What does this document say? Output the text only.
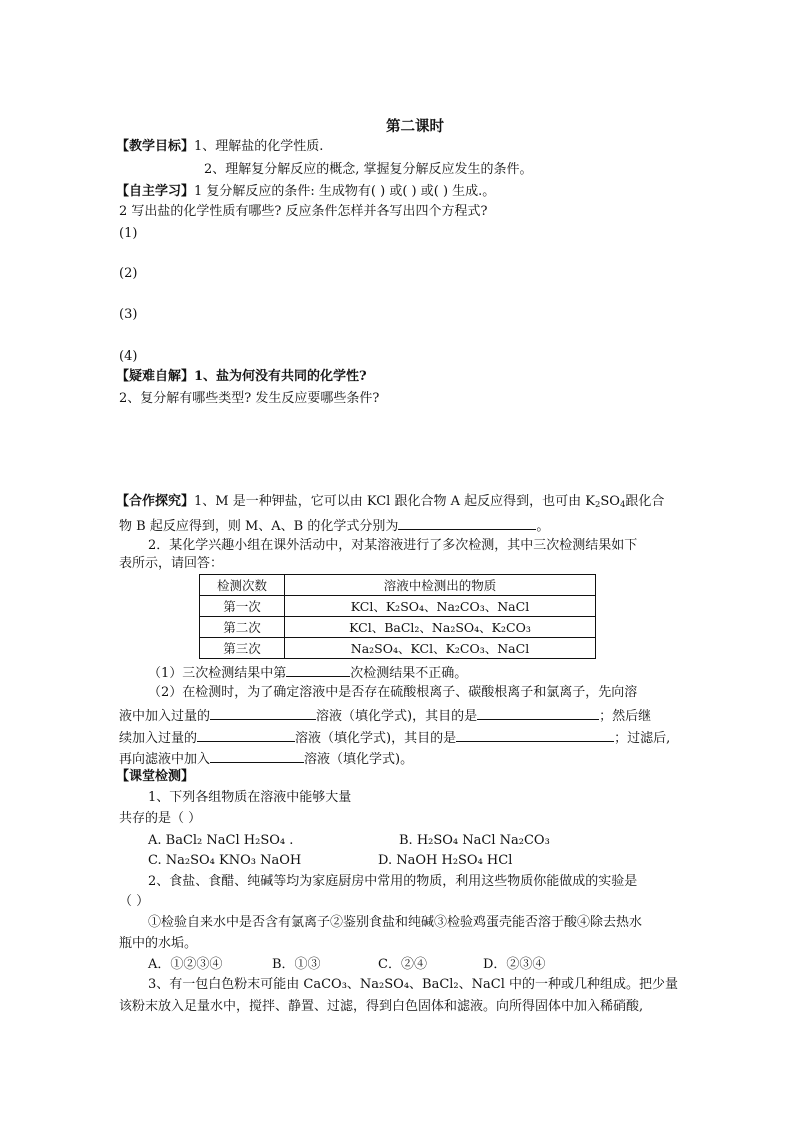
第二课时
【教学目标】1、理解盐的化学性质.
2、理解复分解反应的概念, 掌握复分解反应发生的条件。
【自主学习】1 复分解反应的条件: 生成物有( ) 或( ) 或( ) 生成.。
2 写出盐的化学性质有哪些? 反应条件怎样并各写出四个方程式?
(1)
(2)
(3)
(4)
【疑难自解】1、盐为何没有共同的化学性?
2、复分解有哪些类型? 发生反应要哪些条件?
【合作探究】1、M 是一种钾盐，它可以由 KCl 跟化合物 A 起反应得到，也可由 $K_2SO_4$跟化合
物 B 起反应得到，则 M、A、B 的化学式分别为	。
2．某化学兴趣小组在课外活动中，对某溶液进行了多次检测，其中三次检测结果如下
表所示，请回答：
检测次数	溶液中检测出的物质
第一次	KCl、K₂SO₄、Na₂CO₃、NaCl
第二次	KCl、BaCl₂、Na₂SO₄、K₂CO₃
第三次	Na₂SO₄、KCl、K₂CO₃、NaCl
（1）三次检测结果中第	次检测结果不正确。
（2）在检测时，为了确定溶液中是否存在硫酸根离子、碳酸根离子和氯离子，先向溶
液中加入过量的	溶液（填化学式)，其目的是	；然后继
续加入过量的	溶液（填化学式)，其目的是	；过滤后,
再向滤液中加入	溶液（填化学式)。
【课堂检测】
1、下列各组物质在溶液中能够大量
共存的是（ ）
A. BaCl₂ NaCl H₂SO₄ .	B. H₂SO₄ NaCl Na₂CO₃
C. Na₂SO₄ KNO₃ NaOH	D. NaOH H₂SO₄ HCl
2、食盐、食醋、纯碱等均为家庭厨房中常用的物质，利用这些物质你能做成的实验是
（ ）
①检验自来水中是否含有氯离子②鉴别食盐和纯碱③检验鸡蛋壳能否溶于酸④除去热水
瓶中的水垢。
A．①②③④	B．①③	C．②④	D．②③④
3、有一包白色粉末可能由 CaCO₃、Na₂SO₄、BaCl₂、NaCl 中的一种或几种组成。把少量
该粉末放入足量水中，搅拌、静置、过滤，得到白色固体和滤液。向所得固体中加入稀硝酸,
